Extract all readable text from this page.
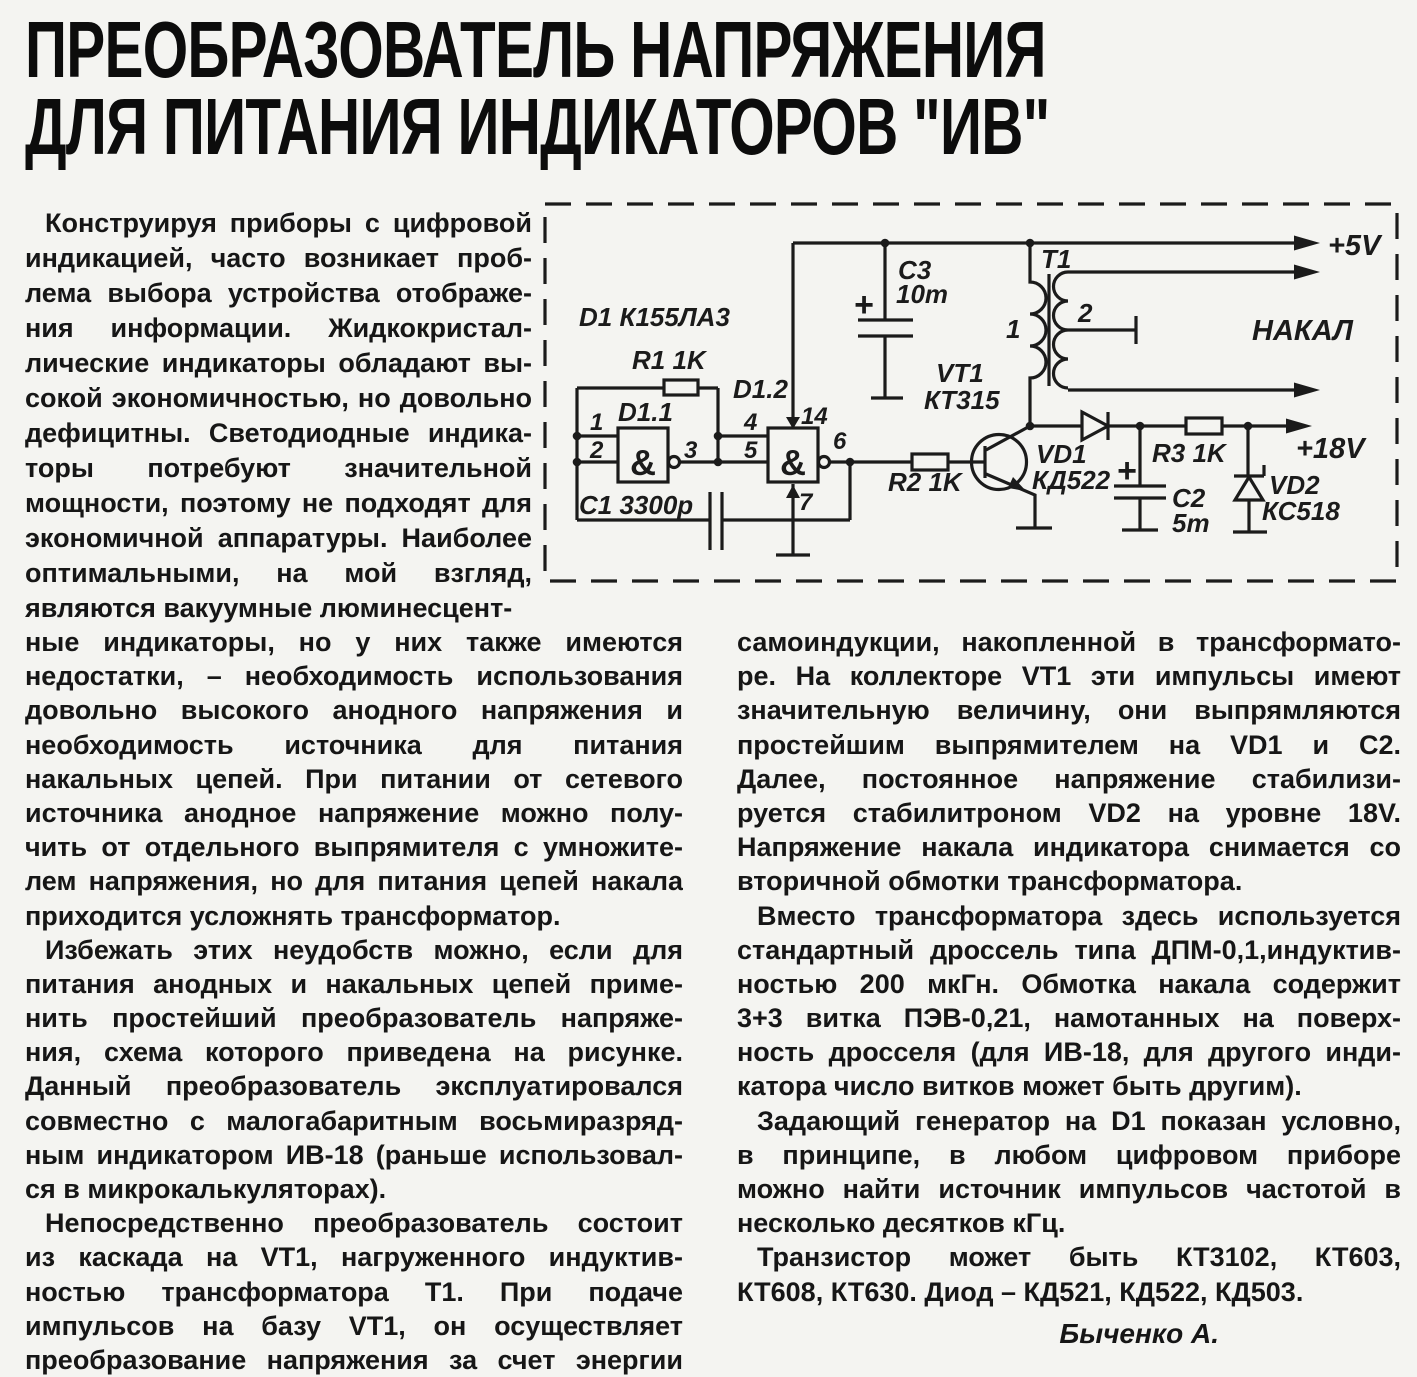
ПРЕОБРАЗОВАТЕЛЬ НАПРЯЖЕНИЯ
ДЛЯ ПИТАНИЯ ИНДИКАТОРОВ "ИВ"
Конструируя приборы с цифровой
индикацией, часто возникает проб-
лема выбора устройства отображе-
ния информации. Жидкокристал-
лические индикаторы обладают вы-
сокой экономичностью, но довольно
дефицитны. Светодиодные индика-
торы потребуют значительной
мощности, поэтому не подходят для
экономичной аппаратуры. Наиболее
оптимальными, на мой взгляд,
являются вакуумные люминесцент-
ные индикаторы, но у них также имеются
недостатки, – необходимость использования
довольно высокого анодного напряжения и
необходимость источника для питания
накальных цепей. При питании от сетевого
источника анодное напряжение можно полу-
чить от отдельного выпрямителя с умножите-
лем напряжения, но для питания цепей накала
приходится усложнять трансформатор.
Избежать этих неудобств можно, если для
питания анодных и накальных цепей приме-
нить простейший преобразователь напряже-
ния, схема которого приведена на рисунке.
Данный преобразователь эксплуатировался
совместно с малогабаритным восьмиразряд-
ным индикатором ИВ-18 (раньше использовал-
ся в микрокалькуляторах).
Непосредственно преобразователь состоит
из каскада на VT1, нагруженного индуктив-
ностью трансформатора Т1. При подаче
импульсов на базу VT1, он осуществляет
преобразование напряжения за счет энергии
самоиндукции, накопленной в трансформато-
ре. На коллекторе VT1 эти импульсы имеют
значительную величину, они выпрямляются
простейшим выпрямителем на VD1 и С2.
Далее, постоянное напряжение стабилизи-
руется стабилитроном VD2 на уровне 18V.
Напряжение накала индикатора снимается со
вторичной обмотки трансформатора.
Вместо трансформатора здесь используется
стандартный дроссель типа ДПМ-0,1,индуктив-
ностью 200 мкГн. Обмотка накала содержит
3+3 витка ПЭВ-0,21, намотанных на поверх-
ность дросселя (для ИВ-18, для другого инди-
катора число витков может быть другим).
Задающий генератор на D1 показан условно,
в принципе, в любом цифровом приборе
можно найти источник импульсов частотой в
несколько десятков кГц.
Транзистор может быть КТ3102, КТ603,
КТ608, КТ630. Диод – КД521, КД522, КД503.
Быченко А.
D1 К155ЛА3
R1 1K
D1.1
D1.2
C1 3300p
&	&
1
2	3
4
5	6
14
7
C3
10m
+
VT1
КТ315
R2 1K
T1
1
2
НАКАЛ
+5V
+18V
VD1
КД522 +
C2
5m
R3 1K
VD2
КС518
